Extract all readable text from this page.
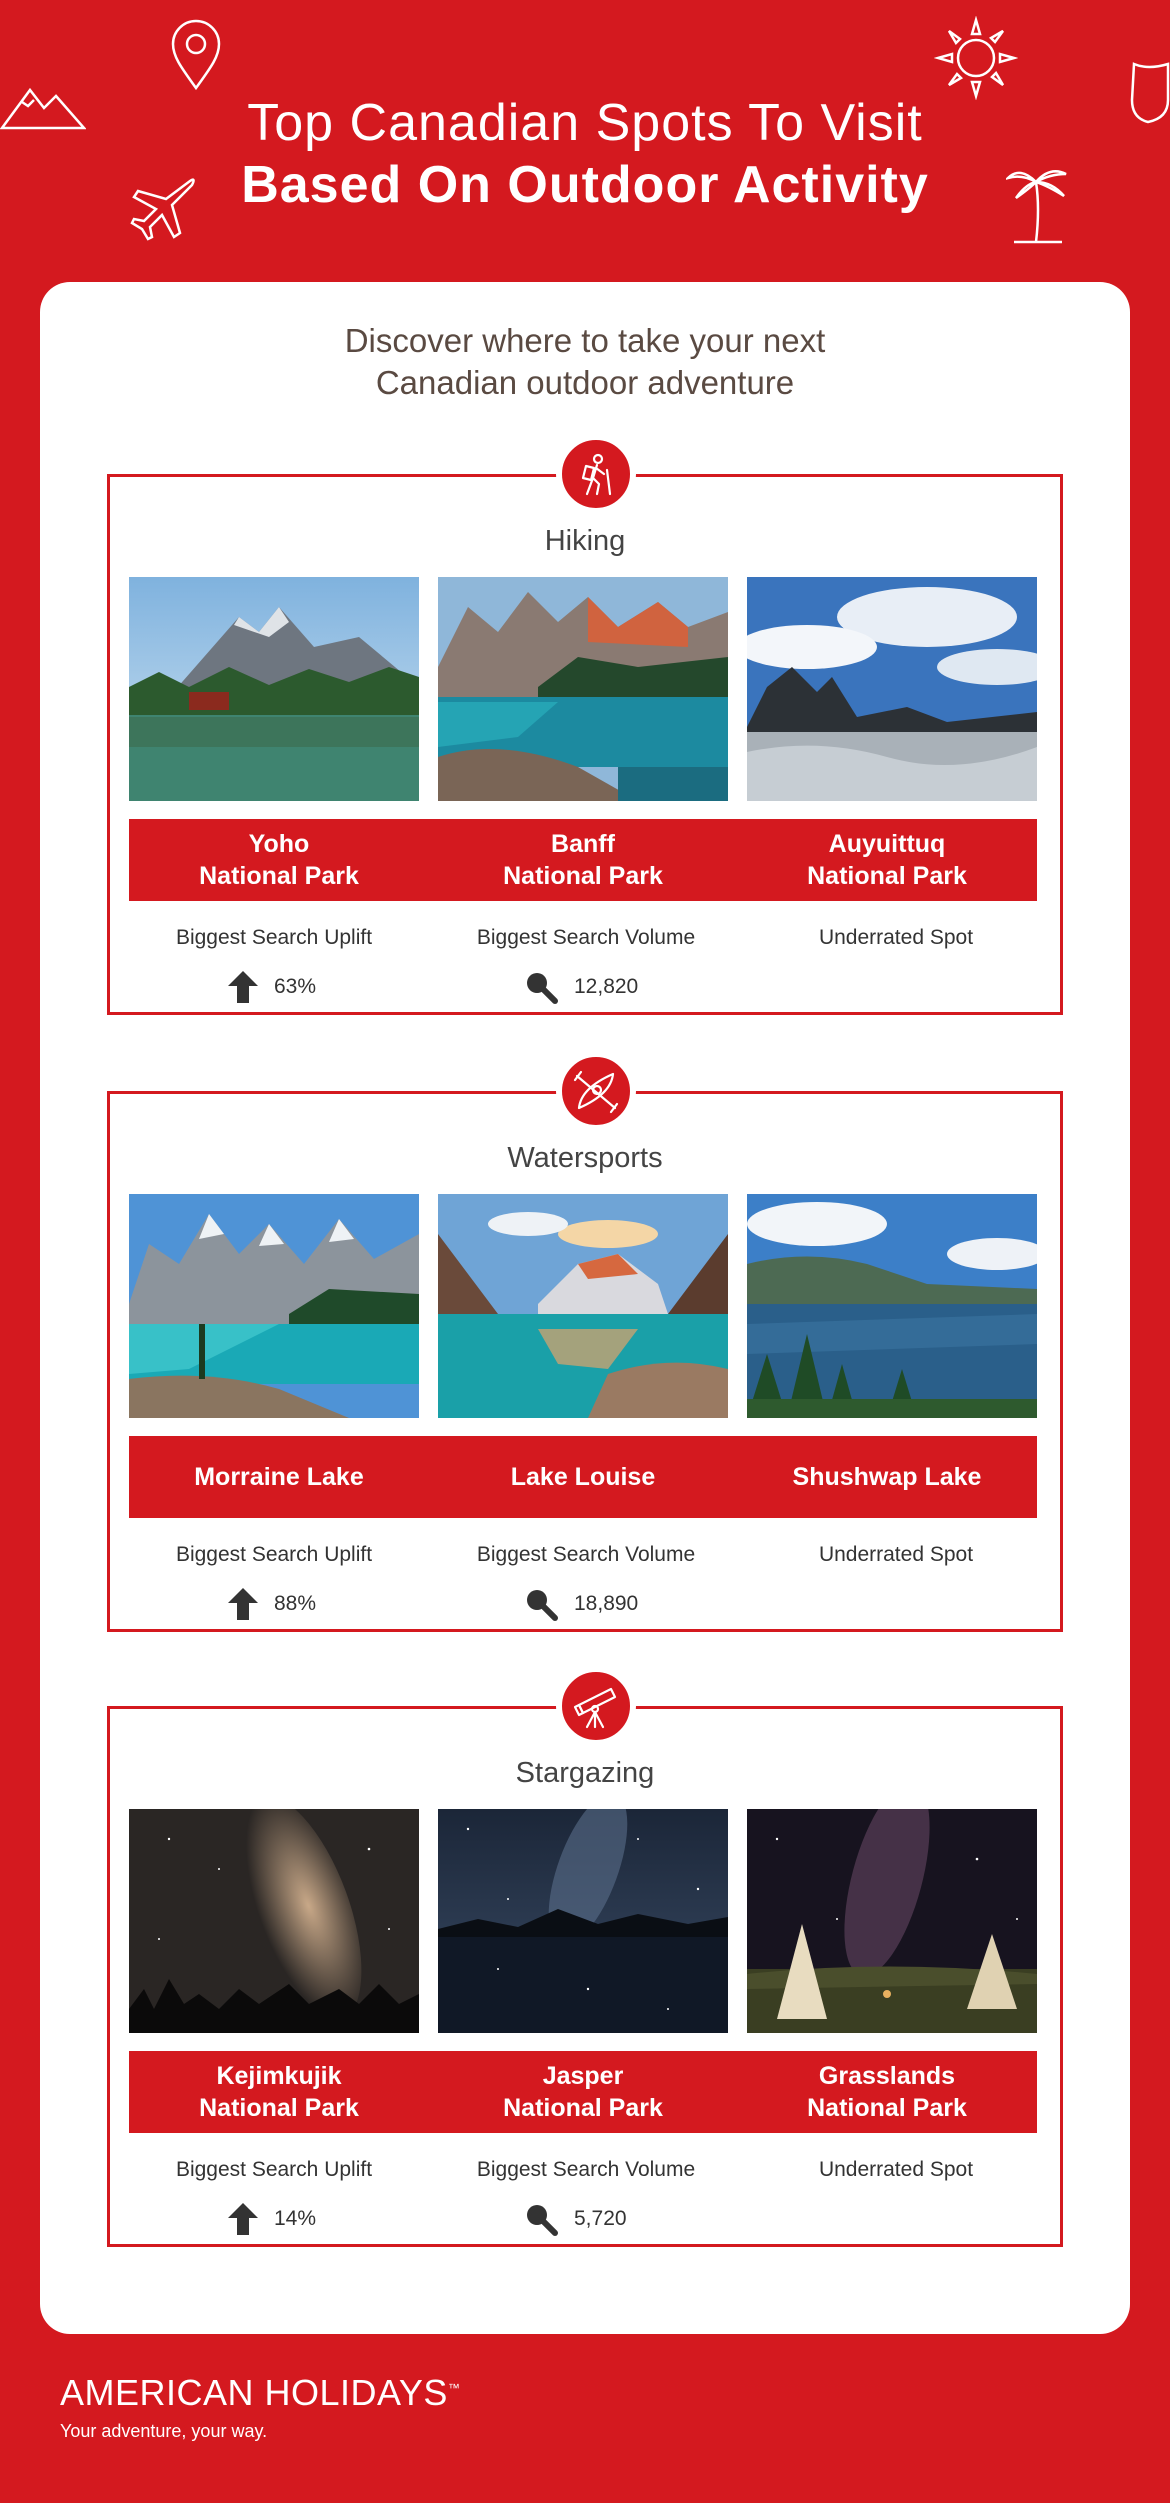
Top Canadian Spots To Visit
Based On Outdoor Activity
Discover where to take your next
Canadian outdoor adventure
Hiking
Yoho
National Park
Banff
National Park
Auyuittuq
National Park
Biggest Search Uplift	Biggest Search Volume	Underrated Spot
63%	12,820
Watersports
Morraine Lake	Lake Louise	Shushwap Lake
Biggest Search Uplift	Biggest Search Volume	Underrated Spot
88%	18,890
Stargazing
Kejimkujik
National Park
Jasper
National Park
Grasslands
National Park
Biggest Search Uplift	Biggest Search Volume	Underrated Spot
14%	5,720
AMERICAN HOLIDAYS™
Your adventure, your way.
